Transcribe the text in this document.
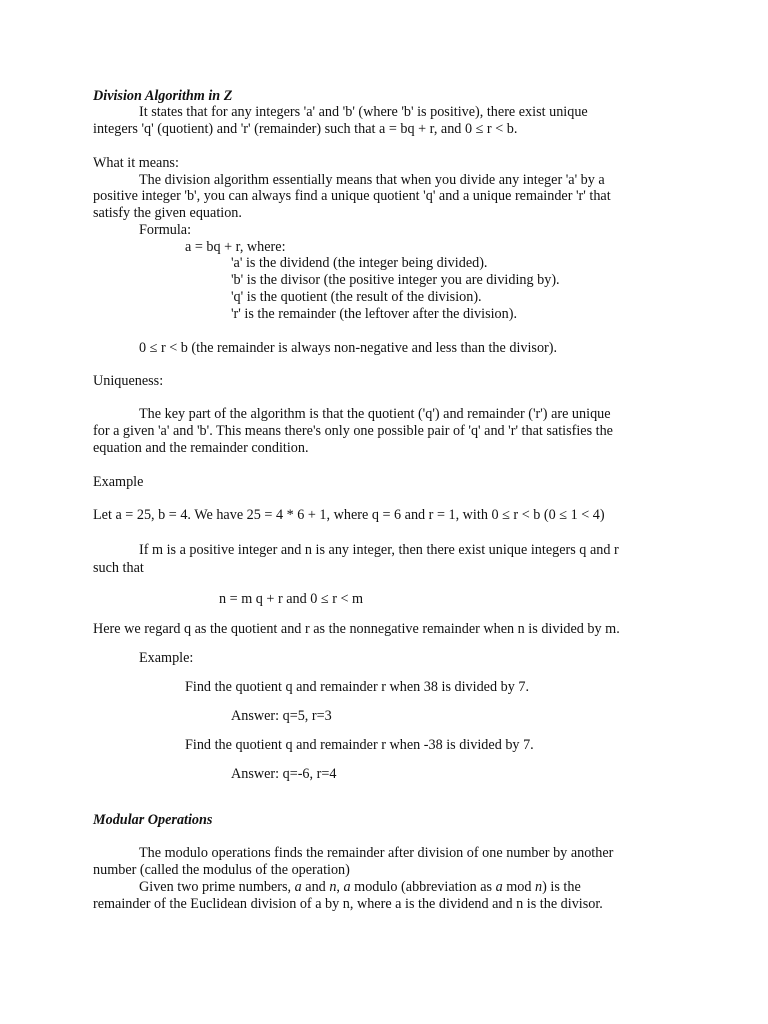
Division Algorithm in Z
It states that for any integers 'a' and 'b' (where 'b' is positive), there exist unique
integers 'q' (quotient) and 'r' (remainder) such that a = bq + r, and 0 ≤ r < b.
What it means:
The division algorithm essentially means that when you divide any integer 'a' by a
positive integer 'b', you can always find a unique quotient 'q' and a unique remainder 'r' that
satisfy the given equation.
Formula:
a = bq + r, where:
'a' is the dividend (the integer being divided).
'b' is the divisor (the positive integer you are dividing by).
'q' is the quotient (the result of the division).
'r' is the remainder (the leftover after the division).
0 ≤ r < b (the remainder is always non-negative and less than the divisor).
Uniqueness:
The key part of the algorithm is that the quotient ('q') and remainder ('r') are unique
for a given 'a' and 'b'. This means there's only one possible pair of 'q' and 'r' that satisfies the
equation and the remainder condition.
Example
Let a = 25, b = 4. We have 25 = 4 * 6 + 1, where q = 6 and r = 1, with 0 ≤ r < b (0 ≤ 1 < 4)
If m is a positive integer and n is any integer, then there exist unique integers q and r
such that
n = m q + r and 0 ≤ r < m
Here we regard q as the quotient and r as the nonnegative remainder when n is divided by m.
Example:
Find the quotient q and remainder r when 38 is divided by 7.
Answer: q=5, r=3
Find the quotient q and remainder r when -38 is divided by 7.
Answer: q=-6, r=4
Modular Operations
The modulo operations finds the remainder after division of one number by another
number (called the modulus of the operation)
Given two prime numbers, a and n, a modulo (abbreviation as a mod n) is the
remainder of the Euclidean division of a by n, where a is the dividend and n is the divisor.
